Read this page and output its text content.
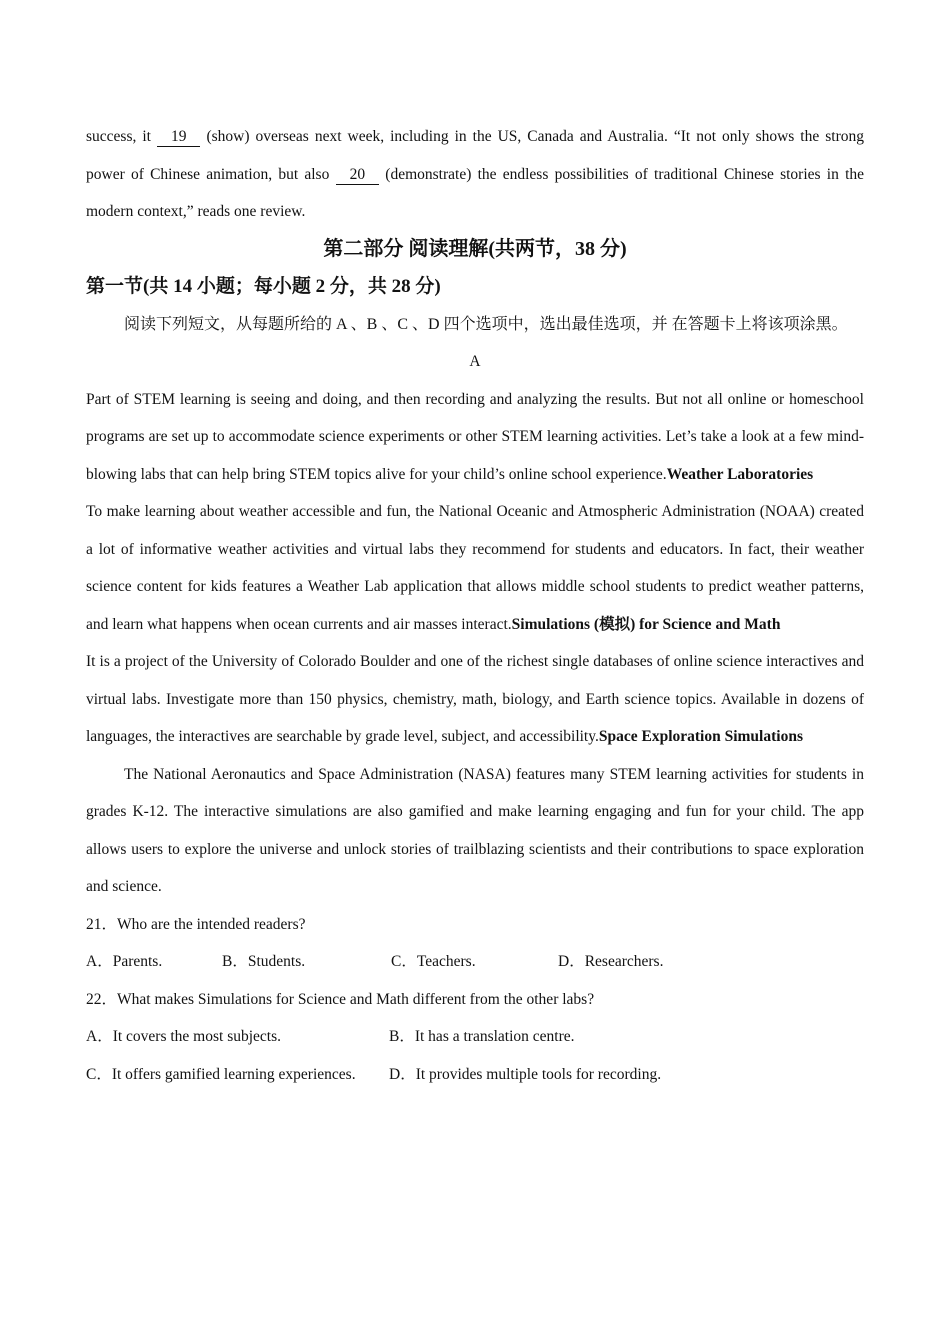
success, it 19 (show) overseas next week, including in the US, Canada and Australia. “It not only shows the strong power of Chinese animation, but also 20 (demonstrate) the endless possibilities of traditional Chinese stories in the modern context,” reads one review.

第二部分 阅读理解(共两节，38 分)
第一节(共 14 小题；每小题 2 分，共 28 分)

阅读下列短文，从每题所给的 A 、B 、C 、D 四个选项中，选出最佳选项，并 在答题卡上将该项涂黑。

A

Part of STEM learning is seeing and doing, and then recording and analyzing the results. But not all online or homeschool programs are set up to accommodate science experiments or other STEM learning activities. Let’s take a look at a few mind-blowing labs that can help bring STEM topics alive for your child’s online school experience.Weather Laboratories

To make learning about weather accessible and fun, the National Oceanic and Atmospheric Administration (NOAA) created a lot of informative weather activities and virtual labs they recommend for students and educators. In fact, their weather science content for kids features a Weather Lab application that allows middle school students to predict weather patterns, and learn what happens when ocean currents and air masses interact.Simulations (模拟) for Science and Math

It is a project of the University of Colorado Boulder and one of the richest single databases of online science interactives and virtual labs. Investigate more than 150 physics, chemistry, math, biology, and Earth science topics. Available in dozens of languages, the interactives are searchable by grade level, subject, and accessibility.Space Exploration Simulations

The National Aeronautics and Space Administration (NASA) features many STEM learning activities for students in grades K-12. The interactive simulations are also gamified and make learning engaging and fun for your child. The app allows users to explore the universe and unlock stories of trailblazing scientists and their contributions to space exploration and science.

21．Who are the intended readers?

A．Parents.	B．Students.	C．Teachers.	D．Researchers.

22．What makes Simulations for Science and Math different from the other labs?

A．It covers the most subjects.	B．It has a translation centre.
C．It offers gamified learning experiences. D．It provides multiple tools for recording.
